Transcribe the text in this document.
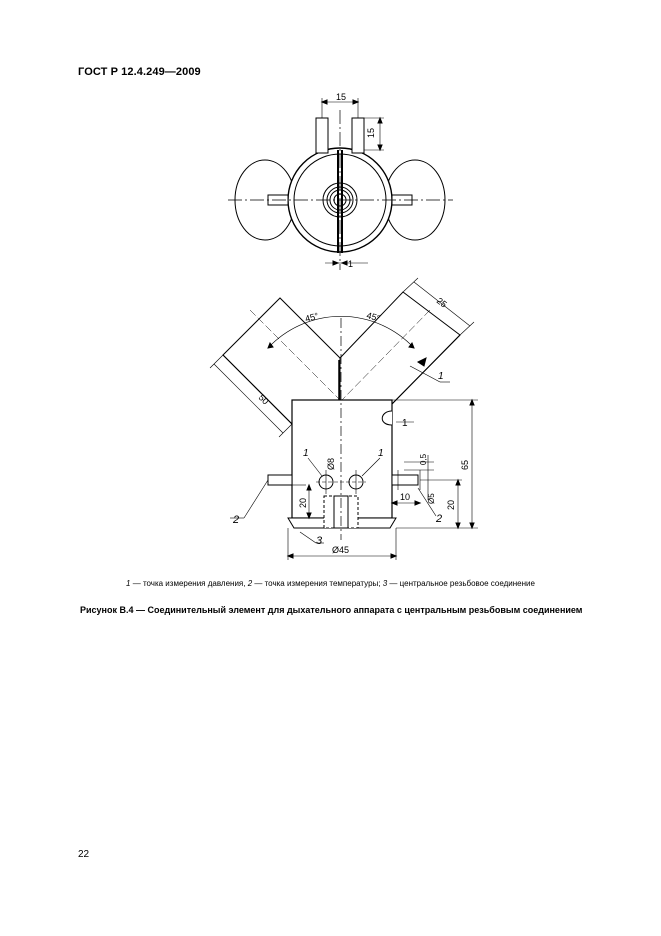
ГОСТ Р 12.4.249—2009
15
15
1
45°	45°
25
50
1
1
1	1
Ø8	0,5	65
20
10 Ø5
20
2	2
3
Ø45
1 — точка измерения давления, 2 — точка измерения температуры; 3 — центральное резьбовое соединение
Рисунок В.4 — Соединительный элемент для дыхательного аппарата с центральным резьбовым соединением
22
